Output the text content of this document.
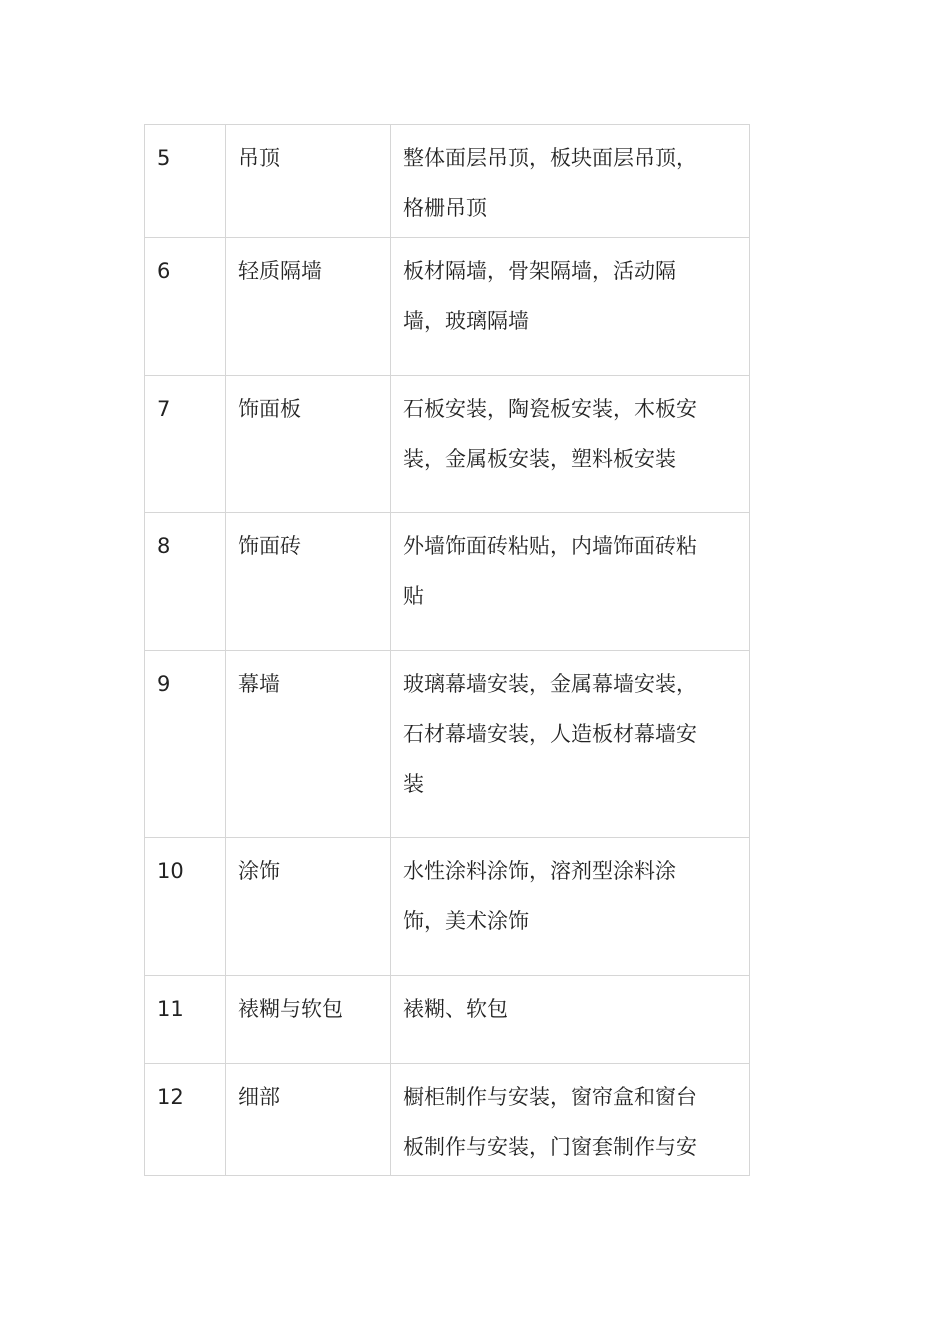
5	吊顶	整体面层吊顶，板块面层吊顶，
格栅吊顶

6	轻质隔墙	板材隔墙，骨架隔墙，活动隔
墙，玻璃隔墙

7	饰面板	石板安装，陶瓷板安装，木板安
装，金属板安装，塑料板安装

8	饰面砖	外墙饰面砖粘贴，内墙饰面砖粘
贴

9	幕墙	玻璃幕墙安装，金属幕墙安装，
石材幕墙安装，人造板材幕墙安
装

10	涂饰	水性涂料涂饰，溶剂型涂料涂
饰，美术涂饰

11	裱糊与软包	裱糊、软包

12	细部	橱柜制作与安装，窗帘盒和窗台
板制作与安装，门窗套制作与安
